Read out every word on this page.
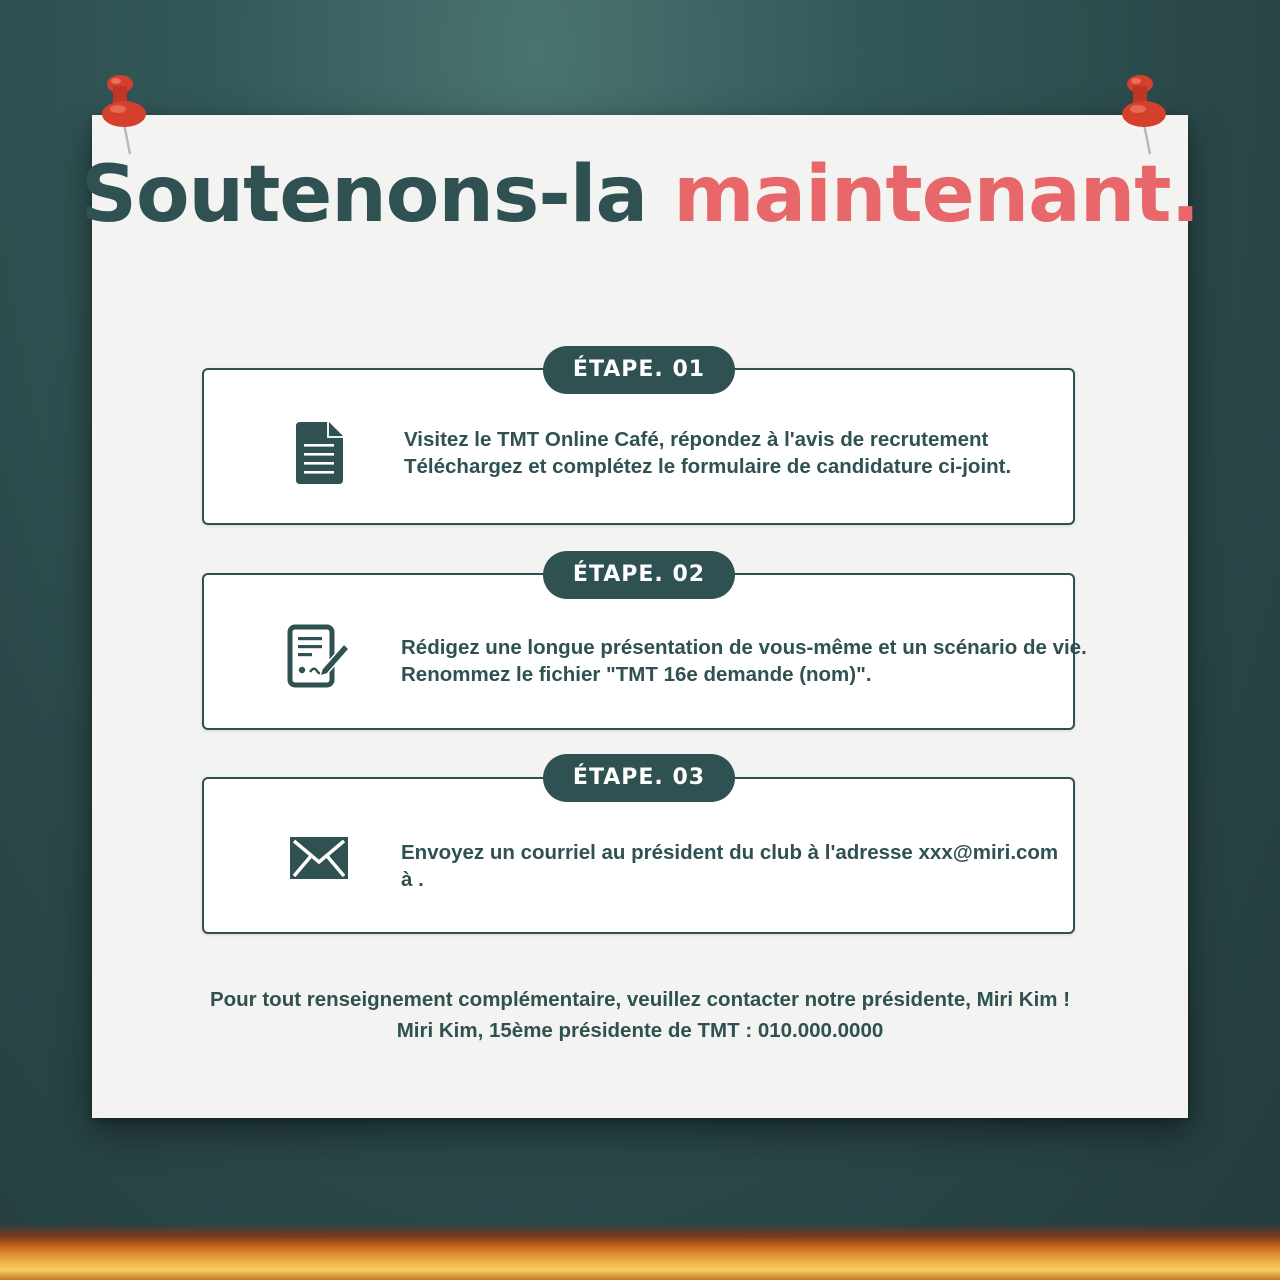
Soutenons-la maintenant.
ÉTAPE. 01
Visitez le TMT Online Café, répondez à l'avis de recrutement
Téléchargez et complétez le formulaire de candidature ci-joint.
ÉTAPE. 02
Rédigez une longue présentation de vous-même et un scénario de vie.
Renommez le fichier "TMT 16e demande (nom)".
ÉTAPE. 03
Envoyez un courriel au président du club à l'adresse xxx@miri.com
à .
Pour tout renseignement complémentaire, veuillez contacter notre présidente, Miri Kim !
Miri Kim, 15ème présidente de TMT : 010.000.0000
